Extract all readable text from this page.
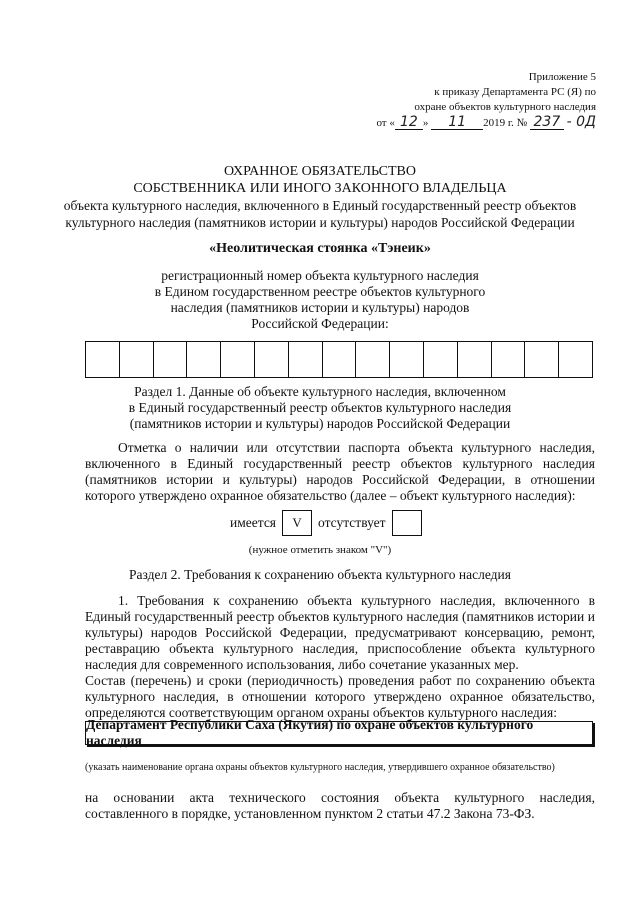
Приложение 5
к приказу Департамента РС (Я) по
охране объектов культурного наследия
от « 12 » 11 2019 г. № 237 - 0Д
ОХРАННОЕ ОБЯЗАТЕЛЬСТВО
СОБСТВЕННИКА ИЛИ ИНОГО ЗАКОННОГО ВЛАДЕЛЬЦА
объекта культурного наследия, включенного в Единый государственный реестр объектов
культурного наследия (памятников истории и культуры) народов Российской Федерации
«Неолитическая стоянка «Тэнеик»
регистрационный номер объекта культурного наследия
в Едином государственном реестре объектов культурного
наследия (памятников истории и культуры) народов
Российской Федерации:
Раздел 1. Данные об объекте культурного наследия, включенном
в Единый государственный реестр объектов культурного наследия
(памятников истории и культуры) народов Российской Федерации
Отметка о наличии или отсутствии паспорта объекта культурного наследия, включенного в Единый государственный реестр объектов культурного наследия (памятников истории и культуры) народов Российской Федерации, в отношении которого утверждено охранное обязательство (далее – объект культурного наследия):
имеется	V	отсутствует
(нужное отметить знаком "V")
Раздел 2. Требования к сохранению объекта культурного наследия
1. Требования к сохранению объекта культурного наследия, включенного в Единый государственный реестр объектов культурного наследия (памятников истории и культуры) народов Российской Федерации, предусматривают консервацию, ремонт, реставрацию объекта культурного наследия, приспособление объекта культурного наследия для современного использования, либо сочетание указанных мер.
Состав (перечень) и сроки (периодичность) проведения работ по сохранению объекта культурного наследия, в отношении которого утверждено охранное обязательство, определяются соответствующим органом охраны объектов культурного наследия:
Департамент Республики Саха (Якутия) по охране объектов культурного наследия
(указать наименование органа охраны объектов культурного наследия, утвердившего охранное обязательство)
на основании акта технического состояния объекта культурного наследия, составленного в порядке, установленном пунктом 2 статьи 47.2 Закона 73-ФЗ.
